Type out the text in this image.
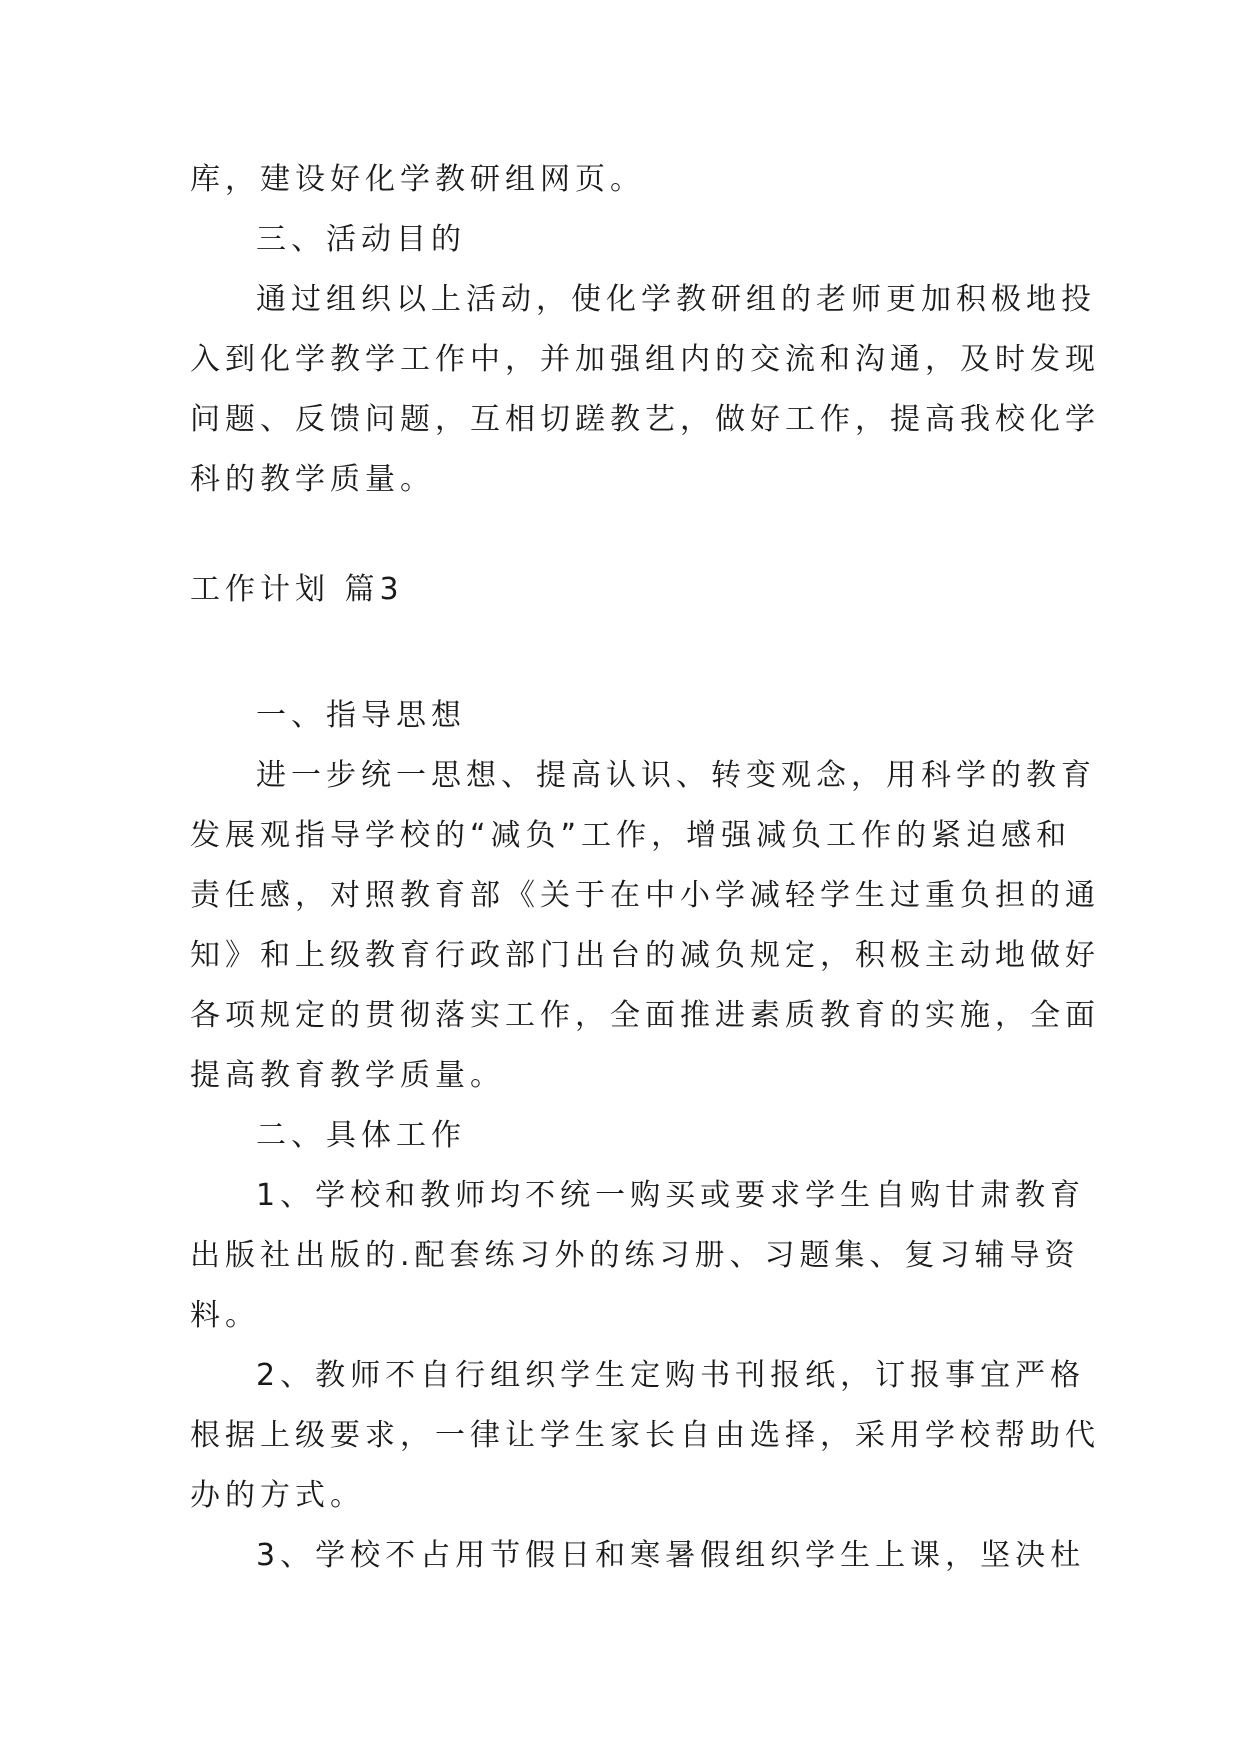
库，建设好化学教研组网页。
三、活动目的
通过组织以上活动，使化学教研组的老师更加积极地投
入到化学教学工作中，并加强组内的交流和沟通，及时发现
问题、反馈问题，互相切蹉教艺，做好工作，提高我校化学
科的教学质量。
工作计划 篇3
一、指导思想
进一步统一思想、提高认识、转变观念，用科学的教育
发展观指导学校的“减负”工作，增强减负工作的紧迫感和
责任感，对照教育部《关于在中小学减轻学生过重负担的通
知》和上级教育行政部门出台的减负规定，积极主动地做好
各项规定的贯彻落实工作，全面推进素质教育的实施，全面
提高教育教学质量。
二、具体工作
1、学校和教师均不统一购买或要求学生自购甘肃教育
出版社出版的.配套练习外的练习册、习题集、复习辅导资
料。
2、教师不自行组织学生定购书刊报纸，订报事宜严格
根据上级要求，一律让学生家长自由选择，采用学校帮助代
办的方式。
3、学校不占用节假日和寒暑假组织学生上课，坚决杜
